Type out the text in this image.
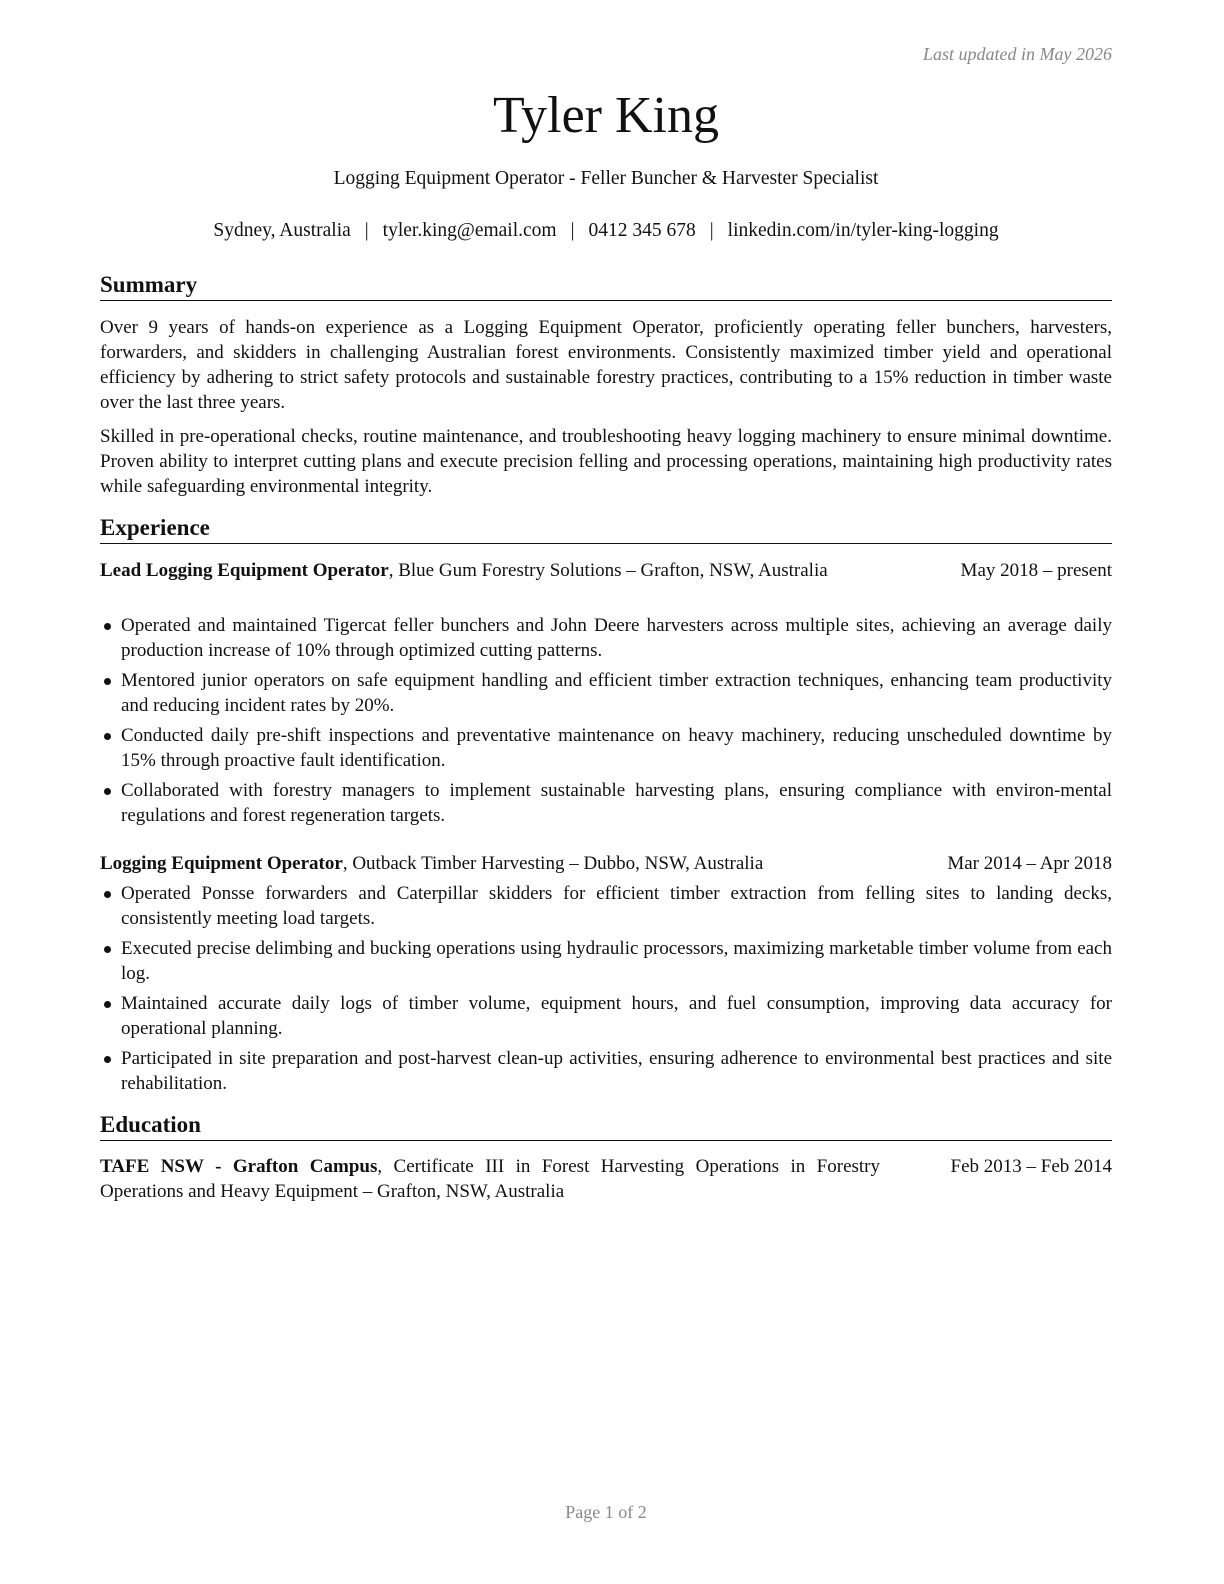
Last updated in May 2026
Tyler King
Logging Equipment Operator - Feller Buncher & Harvester Specialist
Sydney, Australia | tyler.king@email.com | 0412 345 678 | linkedin.com/in/tyler-king-logging
Summary

Over 9 years of hands-on experience as a Logging Equipment Operator, proficiently operating feller bunchers, harvesters, forwarders, and skidders in challenging Australian forest environments. Consistently maximized timber yield and operational efficiency by adhering to strict safety protocols and sustainable forestry practices, contributing to a 15% reduction in timber waste over the last three years.

Skilled in pre-operational checks, routine maintenance, and troubleshooting heavy logging machinery to ensure minimal downtime. Proven ability to interpret cutting plans and execute precision felling and processing operations, maintaining high productivity rates while safeguarding environmental integrity.

Experience
Lead Logging Equipment Operator, Blue Gum Forestry Solutions – Grafton, NSW, Australia	May 2018 – present
Operated and maintained Tigercat feller bunchers and John Deere harvesters across multiple sites, achieving an average daily production increase of 10% through optimized cutting patterns.
Mentored junior operators on safe equipment handling and efficient timber extraction techniques, enhancing team productivity and reducing incident rates by 20%.
Conducted daily pre-shift inspections and preventative maintenance on heavy machinery, reducing unscheduled downtime by 15% through proactive fault identification.
Collaborated with forestry managers to implement sustainable harvesting plans, ensuring compliance with environ-mental regulations and forest regeneration targets.
Logging Equipment Operator, Outback Timber Harvesting – Dubbo, NSW, Australia	Mar 2014 – Apr 2018
Operated Ponsse forwarders and Caterpillar skidders for efficient timber extraction from felling sites to landing decks, consistently meeting load targets.
Executed precise delimbing and bucking operations using hydraulic processors, maximizing marketable timber volume from each log.
Maintained accurate daily logs of timber volume, equipment hours, and fuel consumption, improving data accuracy for operational planning.
Participated in site preparation and post-harvest clean-up activities, ensuring adherence to environmental best practices and site rehabilitation.
Education
TAFE NSW - Grafton Campus, Certificate III in Forest Harvesting Operations in Forestry Operations and Heavy Equipment – Grafton, NSW, Australia
Feb 2013 – Feb 2014
Page 1 of 2
